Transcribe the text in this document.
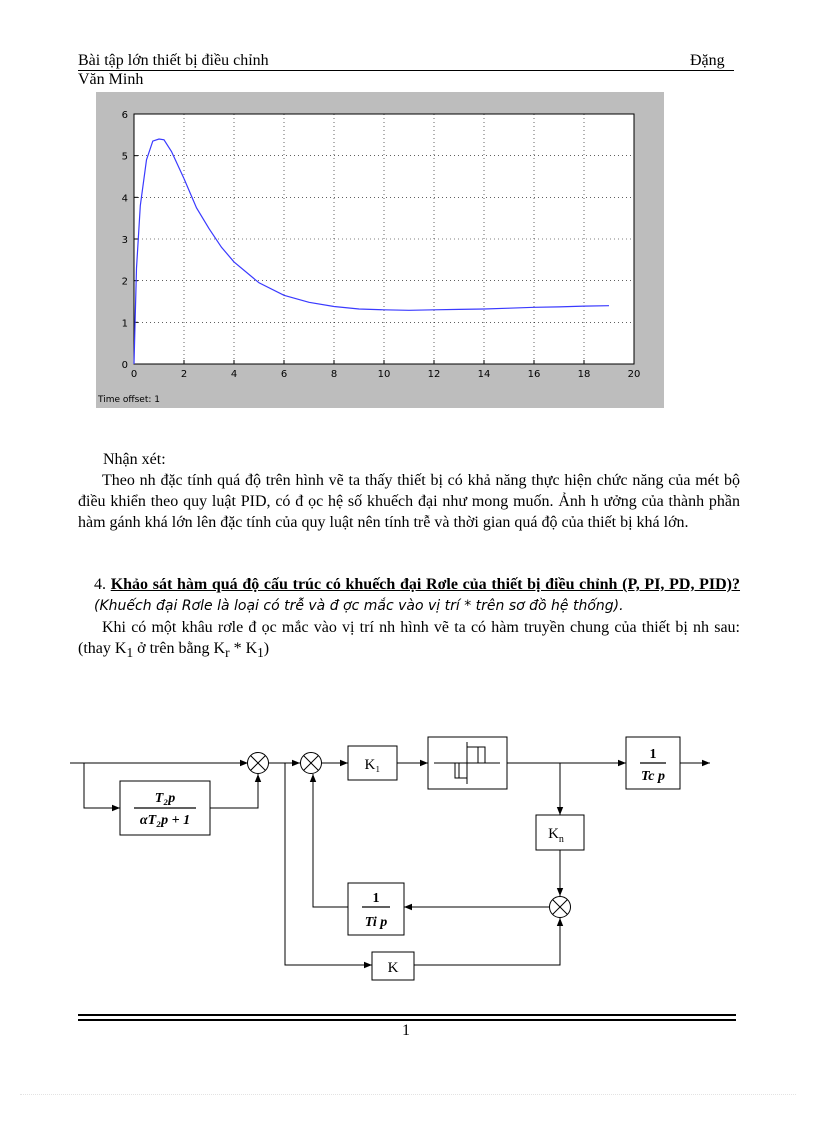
Bài tập lớn thiết bị điều chỉnh	Đặng
Văn Minh
0	2	4	6	8	10	12	14	16	18	20
0
1
2
3
4
5
6
Time offset: 1

Nhận xét:

Theo nh đặc tính quá độ trên hình vẽ ta thấy thiết bị có khả năng thực hiện chức năng của mét bộ điều khiển theo quy luật PID, có đ ọc hệ số khuếch đại như mong muốn. Ảnh h ưởng của thành phần hàm gánh khá lớn lên đặc tính của quy luật nên tính trễ và thời gian quá độ của thiết bị khá lớn.

4. Khảo sát hàm quá độ cấu trúc có khuếch đại Rơle của thiết bị điều chỉnh (P, PI, PD, PID)? (Khuếch đại Rơle là loại có trễ và đ ợc mắc vào vị trí * trên sơ đồ hệ thống).

Khi có một khâu rơle đ ọc mắc vào vị trí nh hình vẽ ta có hàm truyền chung của thiết bị nh sau: (thay $K_1$ ở trên bằng $K_r * K_1$)

K₁
$K_n$
K
T₂p
αT₂p + 1
1
Tc p
1
Ti p
1
